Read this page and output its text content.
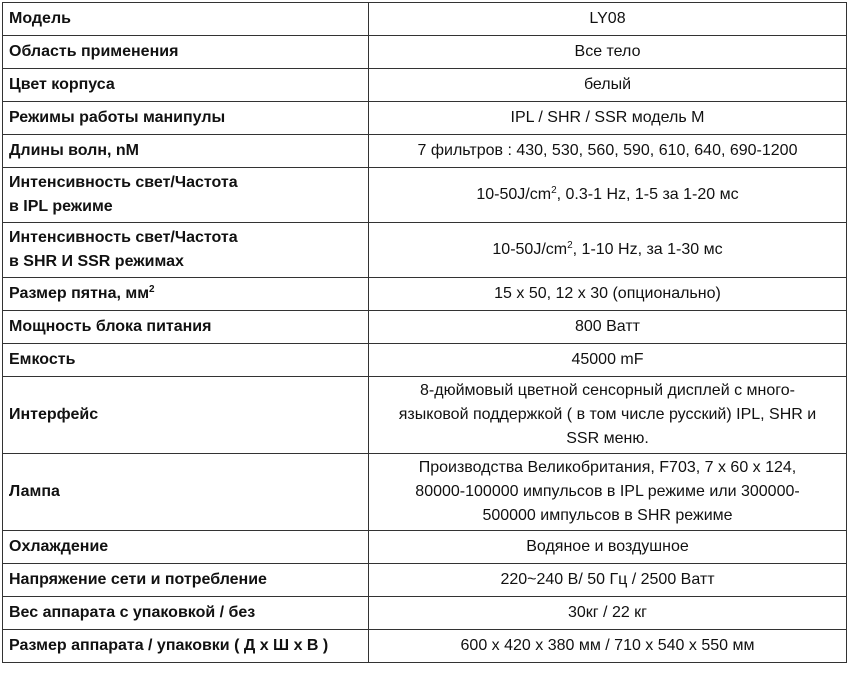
Модель	LY08
Область применения	Все тело
Цвет корпуса	белый
Режимы работы манипулы	IPL / SHR / SSR модель M
Длины волн, nM	7 фильтров : 430, 530, 560, 590, 610, 640, 690-1200

Интенсивность свет/Частота
в IPL режиме	$10-50J/cm^2$, 0.3-1 Hz, 1-5 за 1-20 мс

Интенсивность свет/Частота
в SHR И SSR режимах	$10-50J/cm^2$, 1-10 Hz, за 1-30 мс
Размер пятна, $мм^2$	15 x 50, 12 x 30 (опционально)
Мощность блока питания	800 Ватт
Емкость	45000 mF
Интерфейс	8-дюймовый цветной сенсорный дисплей с много-
языковой поддержкой ( в том числе русский) IPL, SHR и
SSR меню.

Лампа	Производства Великобритания, F703, 7 x 60 x 124,
80000-100000 импульсов в IPL режиме или 300000-
500000 импульсов в SHR режиме

Охлаждение	Водяное и воздушное
Напряжение сети и потребление	220~240 В/ 50 Гц / 2500 Ватт
Вес аппарата с упаковкой / без	30кг / 22 кг
Размер аппарата / упаковки ( Д x Ш x В )	600 x 420 x 380 мм / 710 x 540 x 550 мм
